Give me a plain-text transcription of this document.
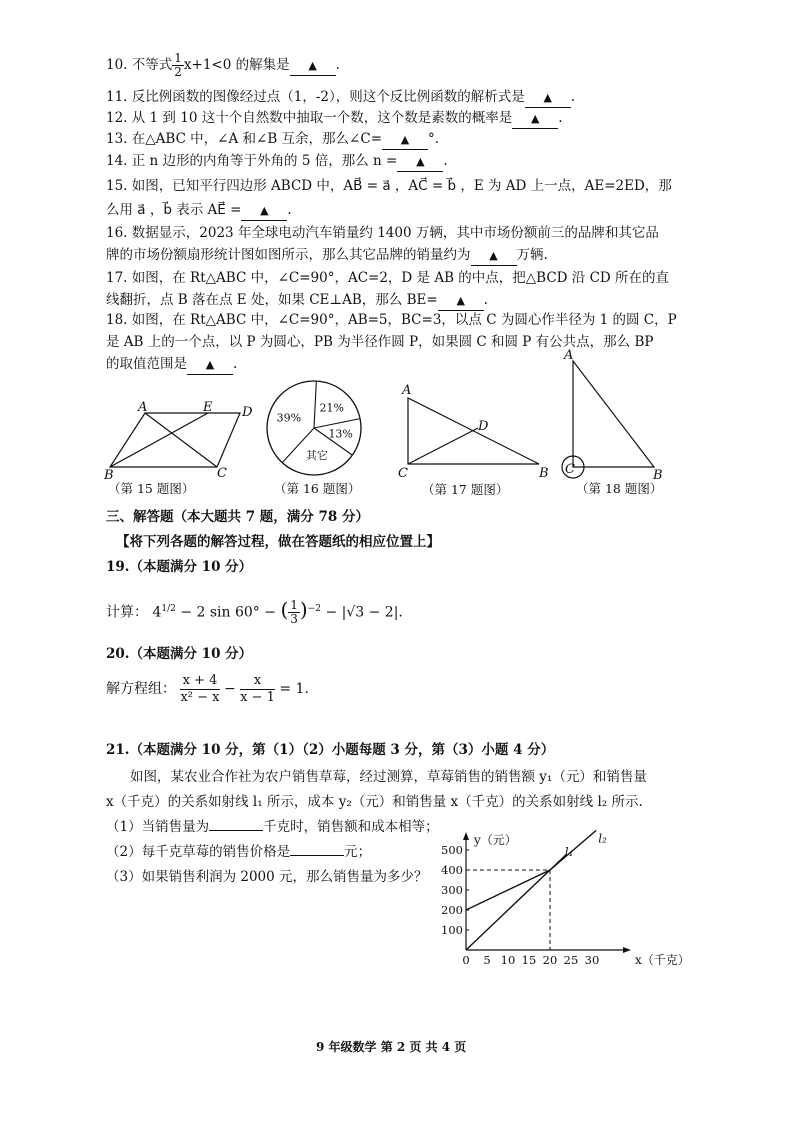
10. 不等式 $\frac{1}{2} x+1<0$ 的解集是 ▲ .
11. 反比例函数的图像经过点（1，-2），则这个反比例函数的解析式是 ▲ .
12. 从 1 到 10 这十个自然数中抽取一个数，这个数是素数的概率是 ▲ .
13. 在△ABC 中，∠A 和∠B 互余，那么∠C= ▲ °.
14. 正 n 边形的内角等于外角的 5 倍，那么 n = ▲ .
15. 如图，已知平行四边形 ABCD 中，AB⃗ = a⃗ ，AC⃗ = b⃗ ，E 为 AD 上一点，AE=2ED，那
么用 a⃗ ，b⃗ 表示 AE⃗ = ▲ .
16. 数据显示，2023 年全球电动汽车销量约 1400 万辆，其中市场份额前三的品牌和其它品
牌的市场份额扇形统计图如图所示，那么其它品牌的销量约为 ▲ 万辆.
17. 如图，在 Rt△ABC 中，∠C=90°，AC=2，D 是 AB 的中点，把△BCD 沿 CD 所在的直
线翻折，点 B 落在点 E 处，如果 CE⊥AB，那么 BE= ▲ .
18. 如图，在 Rt△ABC 中，∠C=90°，AB=5，BC=3，以点 C 为圆心作半径为 1 的圆 C，P
是 AB 上的一个点，以 P 为圆心，PB 为半径作圆 P，如果圆 C 和圆 P 有公共点，那么 BP
的取值范围是 ▲ .
A	E D
B	C
（第 15 题图）
21%
13%
其它
39%
（第 16 题图）
A
D
C	B
（第 17 题图）
A
C	B
（第 18 题图）
三、解答题（本大题共 7 题，满分 78 分）
【将下列各题的解答过程，做在答题纸的相应位置上】
19.（本题满分 10 分）
计算： $4^{1/2} - 2$ sin 60° − ( $\frac{1}{3} )^{-2} - |√3 - 2|$.
20.（本题满分 10 分）
解方程组： $\frac{x + 4}{\text{x² − x}} - \frac{x}{x - 1} = 1$.
21.（本题满分 10 分，第（1）（2）小题每题 3 分，第（3）小题 4 分）
如图，某农业合作社为农户销售草莓，经过测算，草莓销售的销售额 y₁（元）和销售量
x（千克）的关系如射线 l₁ 所示，成本 y₂（元）和销售量 x（千克）的关系如射线 l₂ 所示.
（1）当销售量为	千克时，销售额和成本相等；
（2）每千克草莓的销售价格是	元；
（3）如果销售利润为 2000 元，那么销售量为多少？
100
200
300
400
500
0 5 10 15 20 25 30
y（元）
x（千克）
l₁
l₂
9 年级数学 第 2 页 共 4 页
